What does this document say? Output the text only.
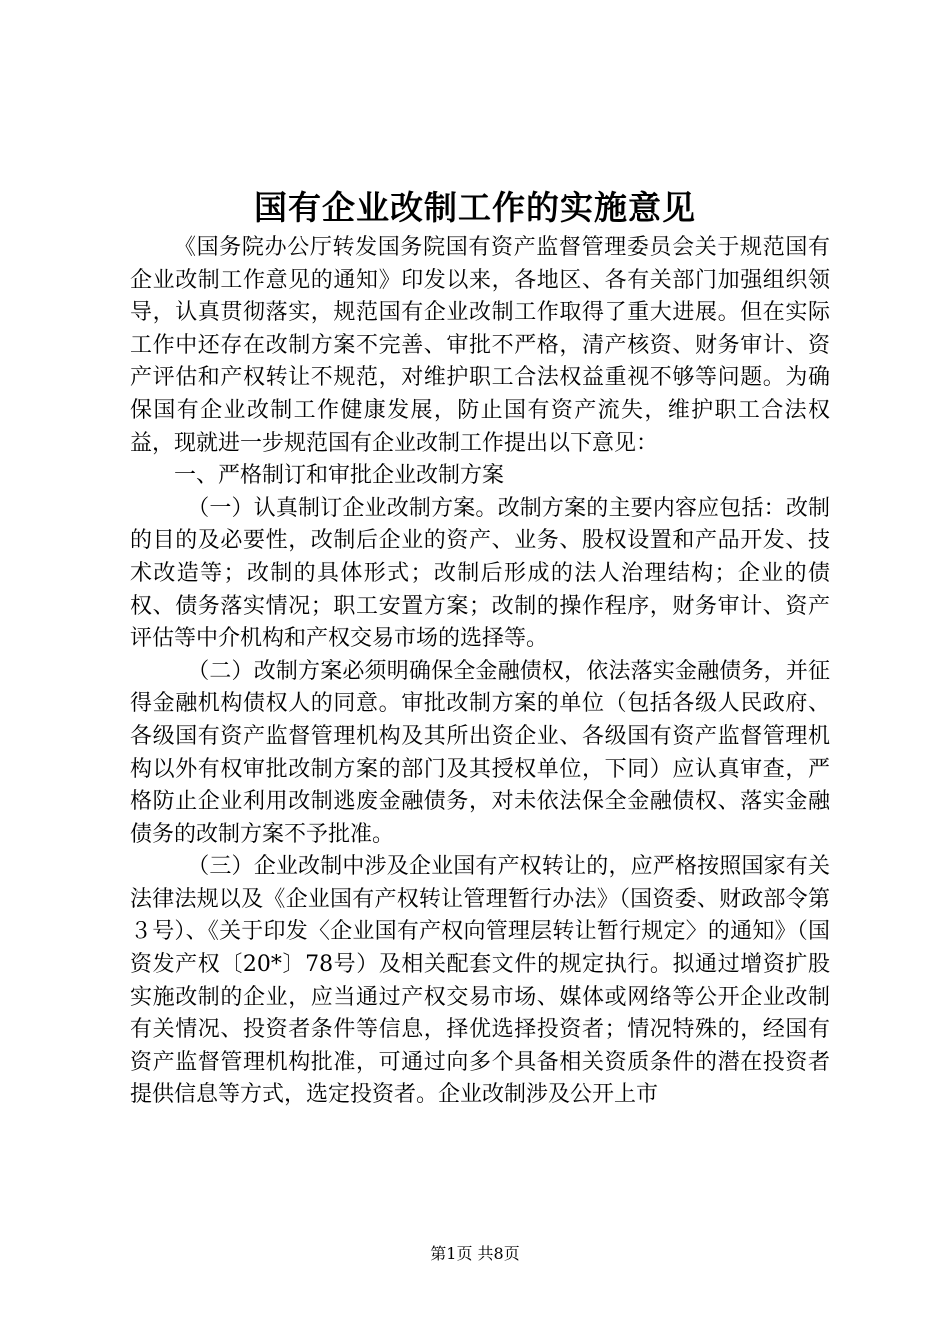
国有企业改制工作的实施意见

《国务院办公厅转发国务院国有资产监督管理委员会关于规范国有企业改制工作意见的通知》印发以来，各地区、各有关部门加强组织领导，认真贯彻落实，规范国有企业改制工作取得了重大进展。但在实际工作中还存在改制方案不完善、审批不严格，清产核资、财务审计、资产评估和产权转让不规范，对维护职工合法权益重视不够等问题。为确保国有企业改制工作健康发展，防止国有资产流失，维护职工合法权益，现就进一步规范国有企业改制工作提出以下意见：

一、严格制订和审批企业改制方案

（一）认真制订企业改制方案。改制方案的主要内容应包括：改制的目的及必要性，改制后企业的资产、业务、股权设置和产品开发、技术改造等；改制的具体形式；改制后形成的法人治理结构；企业的债权、债务落实情况；职工安置方案；改制的操作程序，财务审计、资产评估等中介机构和产权交易市场的选择等。

（二）改制方案必须明确保全金融债权，依法落实金融债务，并征得金融机构债权人的同意。审批改制方案的单位（包括各级人民政府、各级国有资产监督管理机构及其所出资企业、各级国有资产监督管理机构以外有权审批改制方案的部门及其授权单位，下同）应认真审查，严格防止企业利用改制逃废金融债务，对未依法保全金融债权、落实金融债务的改制方案不予批准。

（三）企业改制中涉及企业国有产权转让的，应严格按照国家有关法律法规以及《企业国有产权转让管理暂行办法》（国资委、财政部令第３号）、《关于印发〈企业国有产权向管理层转让暂行规定〉的通知》（国资发产权〔20*〕78号）及相关配套文件的规定执行。拟通过增资扩股实施改制的企业，应当通过产权交易市场、媒体或网络等公开企业改制有关情况、投资者条件等信息，择优选择投资者；情况特殊的，经国有资产监督管理机构批准，可通过向多个具备相关资质条件的潜在投资者提供信息等方式，选定投资者。企业改制涉及公开上市

第1页 共8页
